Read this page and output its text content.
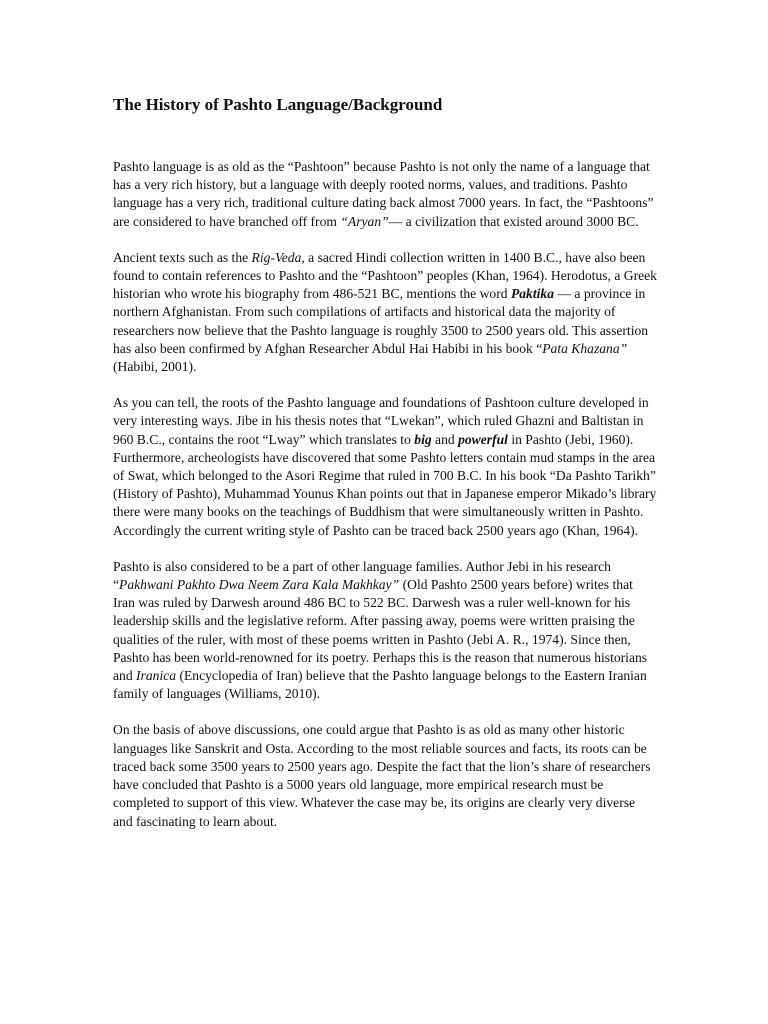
The History of Pashto Language/Background

Pashto language is as old as the “Pashtoon” because Pashto is not only the name of a language that has a very rich history, but a language with deeply rooted norms, values, and traditions. Pashto language has a very rich, traditional culture dating back almost 7000 years. In fact, the “Pashtoons” are considered to have branched off from “Aryan”— a civilization that existed around 3000 BC.

Ancient texts such as the Rig-Veda, a sacred Hindi collection written in 1400 B.C., have also been found to contain references to Pashto and the “Pashtoon” peoples (Khan, 1964). Herodotus, a Greek historian who wrote his biography from 486-521 BC, mentions the word Paktika — a province in northern Afghanistan. From such compilations of artifacts and historical data the majority of researchers now believe that the Pashto language is roughly 3500 to 2500 years old. This assertion has also been confirmed by Afghan Researcher Abdul Hai Habibi in his book “Pata Khazana” (Habibi, 2001).

As you can tell, the roots of the Pashto language and foundations of Pashtoon culture developed in very interesting ways. Jibe in his thesis notes that “Lwekan”, which ruled Ghazni and Baltistan in 960 B.C., contains the root “Lway” which translates to big and powerful in Pashto (Jebi, 1960). Furthermore, archeologists have discovered that some Pashto letters contain mud stamps in the area of Swat, which belonged to the Asori Regime that ruled in 700 B.C. In his book “Da Pashto Tarikh” (History of Pashto), Muhammad Younus Khan points out that in Japanese emperor Mikado’s library there were many books on the teachings of Buddhism that were simultaneously written in Pashto. Accordingly the current writing style of Pashto can be traced back 2500 years ago (Khan, 1964).

Pashto is also considered to be a part of other language families. Author Jebi in his research “Pakhwani Pakhto Dwa Neem Zara Kala Makhkay” (Old Pashto 2500 years before) writes that Iran was ruled by Darwesh around 486 BC to 522 BC. Darwesh was a ruler well-known for his leadership skills and the legislative reform. After passing away, poems were written praising the qualities of the ruler, with most of these poems written in Pashto (Jebi A. R., 1974). Since then, Pashto has been world-renowned for its poetry. Perhaps this is the reason that numerous historians and Iranica (Encyclopedia of Iran) believe that the Pashto language belongs to the Eastern Iranian family of languages (Williams, 2010).

On the basis of above discussions, one could argue that Pashto is as old as many other historic languages like Sanskrit and Osta. According to the most reliable sources and facts, its roots can be traced back some 3500 years to 2500 years ago. Despite the fact that the lion’s share of researchers have concluded that Pashto is a 5000 years old language, more empirical research must be completed to support of this view. Whatever the case may be, its origins are clearly very diverse and fascinating to learn about.
